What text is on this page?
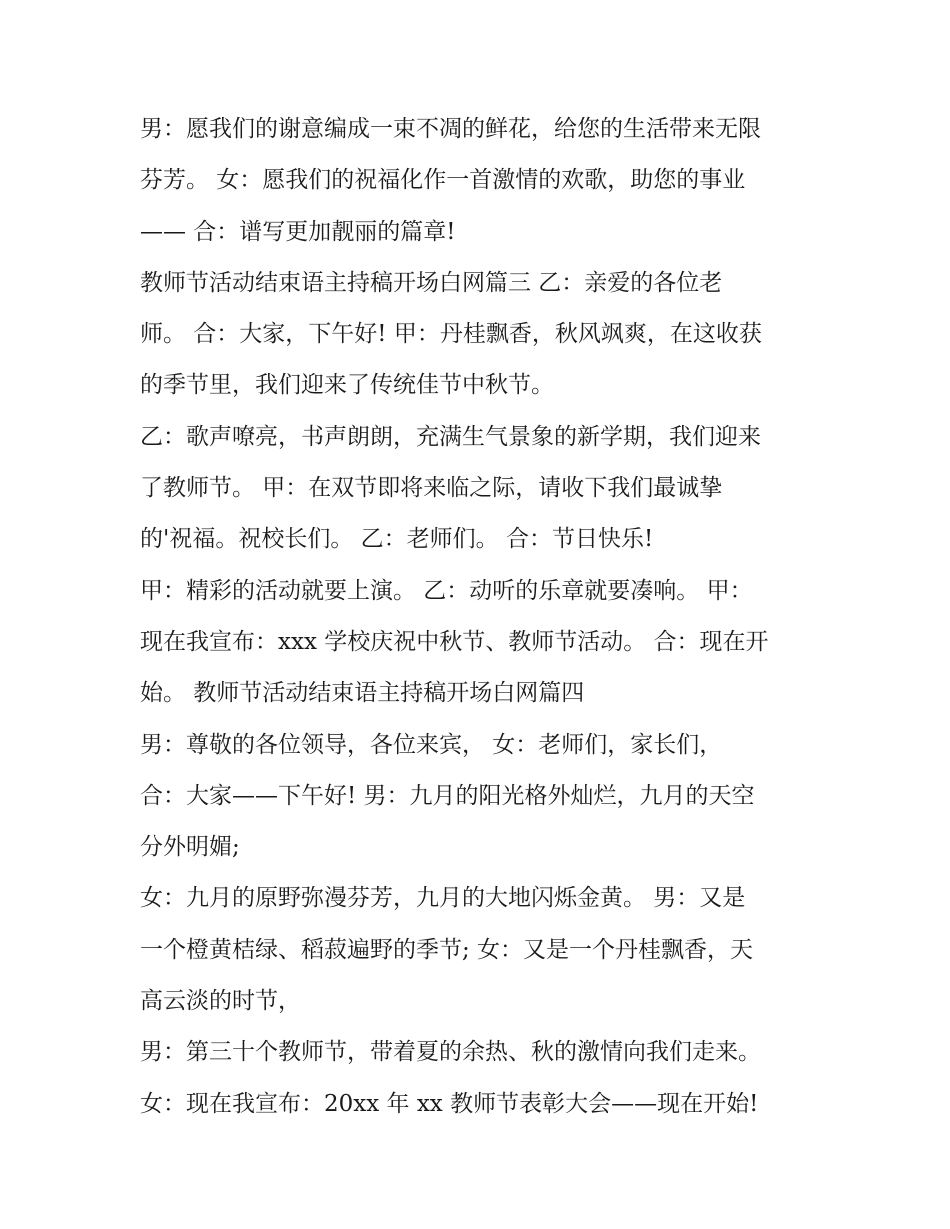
男：愿我们的谢意编成一束不凋的鲜花，给您的生活带来无限
芬芳。 女：愿我们的祝福化作一首激情的欢歌，助您的事业
—— 合：谱写更加靓丽的篇章!
教师节活动结束语主持稿开场白网篇三 乙：亲爱的各位老
师。 合：大家，下午好! 甲：丹桂飘香，秋风飒爽，在这收获
的季节里，我们迎来了传统佳节中秋节。
乙：歌声嘹亮，书声朗朗，充满生气景象的新学期，我们迎来
了教师节。 甲：在双节即将来临之际，请收下我们最诚挚
的'祝福。祝校长们。 乙：老师们。 合：节日快乐!
甲：精彩的活动就要上演。 乙：动听的乐章就要凑响。 甲：
现在我宣布：xxx 学校庆祝中秋节、教师节活动。 合：现在开
始。 教师节活动结束语主持稿开场白网篇四
男：尊敬的各位领导，各位来宾， 女：老师们，家长们，
合：大家——下午好! 男：九月的阳光格外灿烂，九月的天空
分外明媚;
女：九月的原野弥漫芬芳，九月的大地闪烁金黄。 男：又是
一个橙黄桔绿、稻菽遍野的季节; 女：又是一个丹桂飘香，天
高云淡的时节，
男：第三十个教师节，带着夏的余热、秋的激情向我们走来。
女：现在我宣布：20xx 年 xx 教师节表彰大会——现在开始!
